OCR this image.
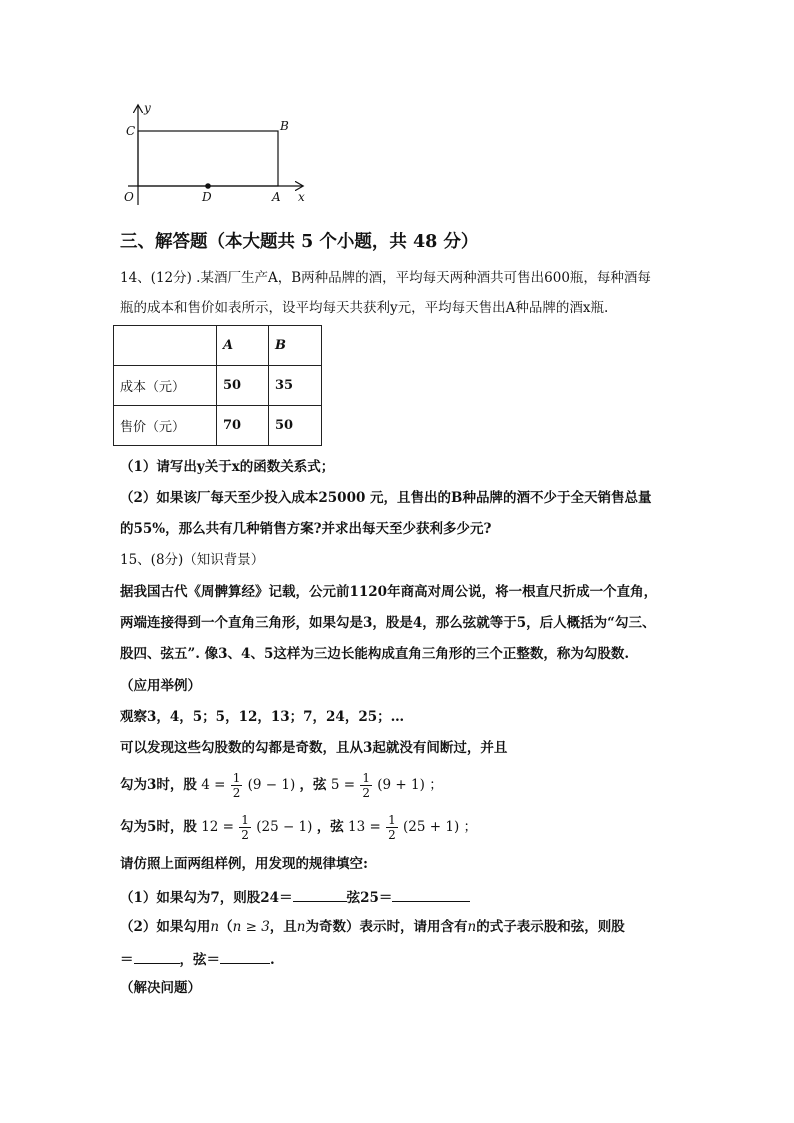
y
x
C	B
O	D	A
三、解答题（本大题共 5 个小题，共 48 分）
14、(12分) .某酒厂生产A，B两种品牌的酒，平均每天两种酒共可售出600瓶，每种酒每
瓶的成本和售价如表所示，设平均每天共获利y元，平均每天售出A种品牌的酒x瓶.
	A	B
成本（元）	50	35
售价（元）	70	50
（1）请写出y关于x的函数关系式；
（2）如果该厂每天至少投入成本25000 元，且售出的B种品牌的酒不少于全天销售总量
的55%，那么共有几种销售方案?并求出每天至少获利多少元?
15、(8分)（知识背景）
据我国古代《周髀算经》记载，公元前1120年商高对周公说，将一根直尺折成一个直角，
两端连接得到一个直角三角形，如果勾是3，股是4，那么弦就等于5，后人概括为“勾三、
股四、弦五”. 像3、4、5这样为三边长能构成直角三角形的三个正整数，称为勾股数.
（应用举例）
观察3，4，5；5，12，13；7，24，25；…
可以发现这些勾股数的勾都是奇数，且从3起就没有间断过，并且
勾为3时，股 $4 = \frac{1}{2} (9 - 1)$ ，弦 $5 = \frac{1}{2} (9 + 1)$ ；
勾为5时，股 $12 = \frac{1}{2} (25 - 1)$ ，弦 $13 = \frac{1}{2} (25 + 1)$ ；
请仿照上面两组样例，用发现的规律填空:
（1）如果勾为7，则股24＝	弦25＝
（2）如果勾用n（n ≥ 3，且n为奇数）表示时，请用含有n的式子表示股和弦，则股
＝	，弦＝	.
（解决问题）
